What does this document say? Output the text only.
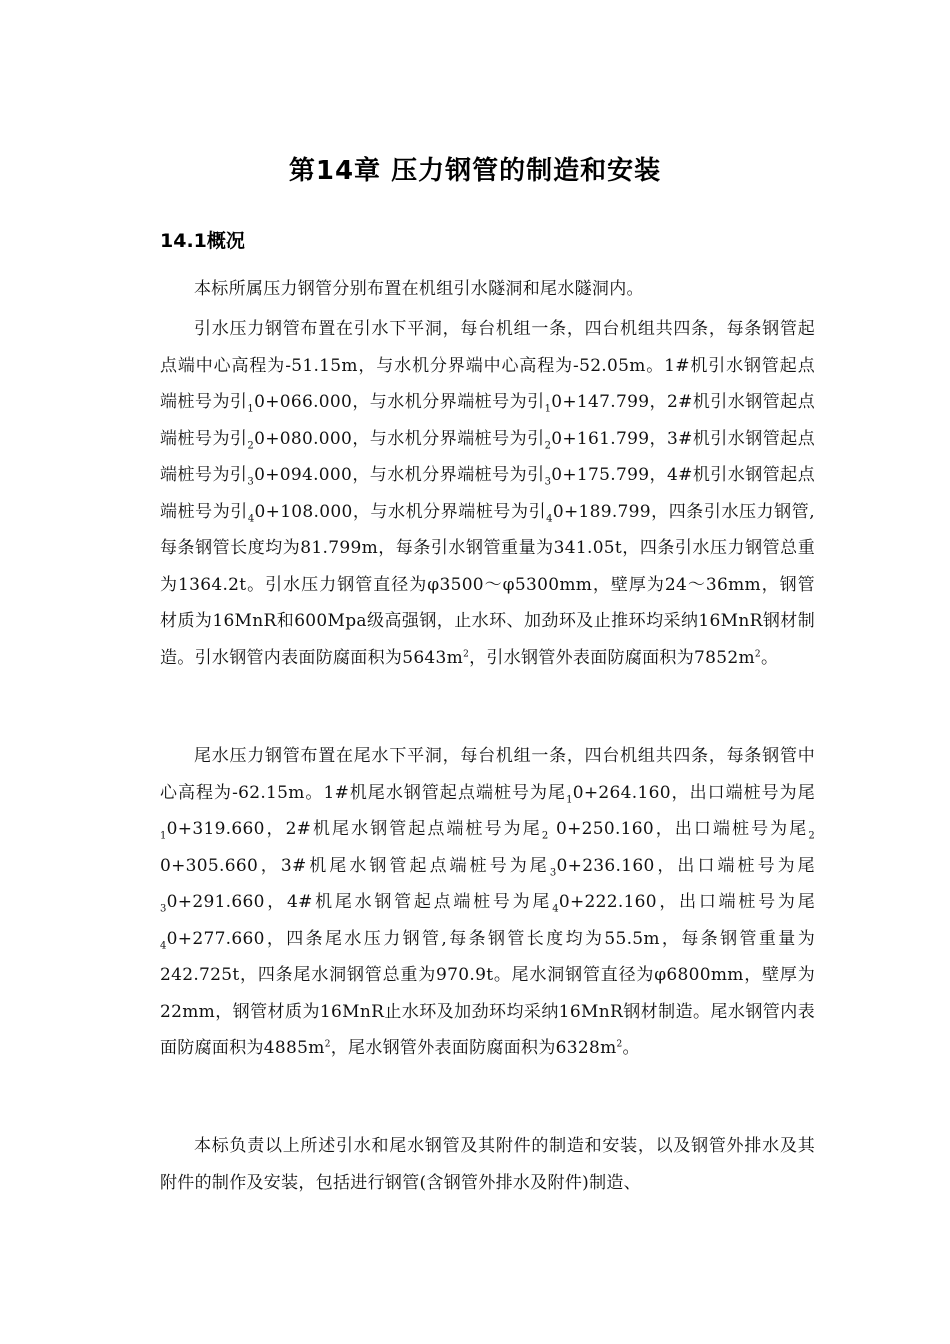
第14章 压力钢管的制造和安装
14.1概况

本标所属压力钢管分别布置在机组引水隧洞和尾水隧洞内。

引水压力钢管布置在引水下平洞，每台机组一条，四台机组共四条，每条钢管起点端中心高程为-51.15m，与水机分界端中心高程为-52.05m。1#机引水钢管起点端桩号为引$_1$0+066.000，与水机分界端桩号为引$_1$0+147.799，2#机引水钢管起点端桩号为引$_2$0+080.000，与水机分界端桩号为引$_2$0+161.799，3#机引水钢管起点端桩号为引$_3$0+094.000，与水机分界端桩号为引$_3$0+175.799，4#机引水钢管起点端桩号为引$_4$0+108.000，与水机分界端桩号为引$_4$0+189.799，四条引水压力钢管,每条钢管长度均为81.799m，每条引水钢管重量为341.05t，四条引水压力钢管总重为1364.2t。引水压力钢管直径为φ3500～φ5300mm，壁厚为24～36mm，钢管材质为16MnR和600Mpa级高强钢，止水环、加劲环及止推环均采纳16MnR钢材制造。引水钢管内表面防腐面积为$5643m^2$，引水钢管外表面防腐面积为$7852m^2$。

尾水压力钢管布置在尾水下平洞，每台机组一条，四台机组共四条，每条钢管中心高程为-62.15m。1#机尾水钢管起点端桩号为尾$_1$0+264.160，出口端桩号为尾$_1$0+319.660，2#机尾水钢管起点端桩号为尾$_2$ 0+250.160，出口端桩号为尾$_2$ 0+305.660，3#机尾水钢管起点端桩号为尾$_3$0+236.160，出口端桩号为尾$_3$0+291.660，4#机尾水钢管起点端桩号为尾$_4$0+222.160，出口端桩号为尾$_4$0+277.660，四条尾水压力钢管,每条钢管长度均为55.5m，每条钢管重量为242.725t，四条尾水洞钢管总重为970.9t。尾水洞钢管直径为φ6800mm，壁厚为22mm，钢管材质为16MnR止水环及加劲环均采纳16MnR钢材制造。尾水钢管内表面防腐面积为$4885m^2$，尾水钢管外表面防腐面积为$6328m^2$。

本标负责以上所述引水和尾水钢管及其附件的制造和安装，以及钢管外排水及其附件的制作及安装，包括进行钢管(含钢管外排水及附件)制造、
